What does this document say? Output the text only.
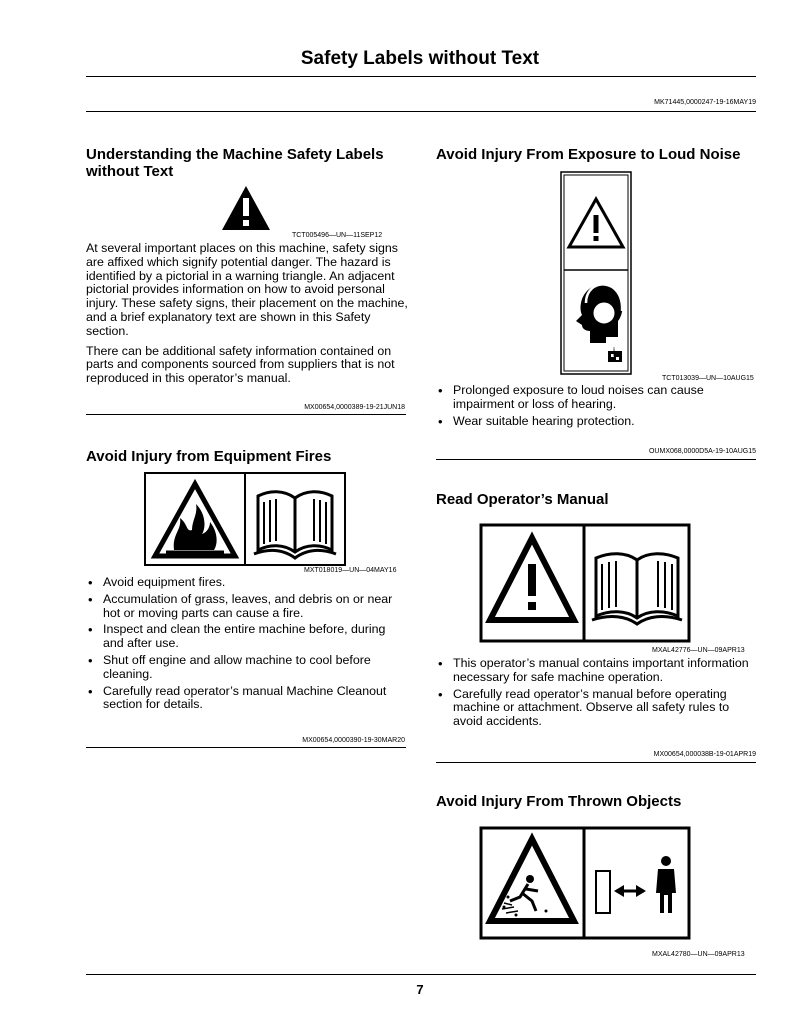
Safety Labels without Text
MK71445,0000247-19-16MAY19
Understanding the Machine Safety Labels without Text
TCT005496—UN—11SEP12

At several important places on this machine, safety signs are affixed which signify potential danger. The hazard is identified by a pictorial in a warning triangle. An adjacent pictorial provides information on how to avoid personal injury. These safety signs, their placement on the machine, and a brief explanatory text are shown in this Safety section.

There can be additional safety information contained on parts and components sourced from suppliers that is not reproduced in this operator’s manual.

MX00654,0000389-19-21JUN18
Avoid Injury from Equipment Fires
MXT018019—UN—04MAY16
• Avoid equipment fires.
• Accumulation of grass, leaves, and debris on or near hot or moving parts can cause a fire.
• Inspect and clean the entire machine before, during and after use.
• Shut off engine and allow machine to cool before cleaning.
• Carefully read operator’s manual Machine Cleanout section for details.
MX00654,0000390-19-30MAR20
Avoid Injury From Exposure to Loud Noise
TCAR6696
TCT013039—UN—10AUG15
• Prolonged exposure to loud noises can cause impairment or loss of hearing.
• Wear suitable hearing protection.
OUMX068,0000D5A-19-10AUG15
Read Operator’s Manual
MXAL42776—UN—09APR13
• This operator’s manual contains important information necessary for safe machine operation.
• Carefully read operator’s manual before operating machine or attachment. Observe all safety rules to avoid accidents.
MX00654,000038B-19-01APR19
Avoid Injury From Thrown Objects
MXAL42780—UN—09APR13
7
